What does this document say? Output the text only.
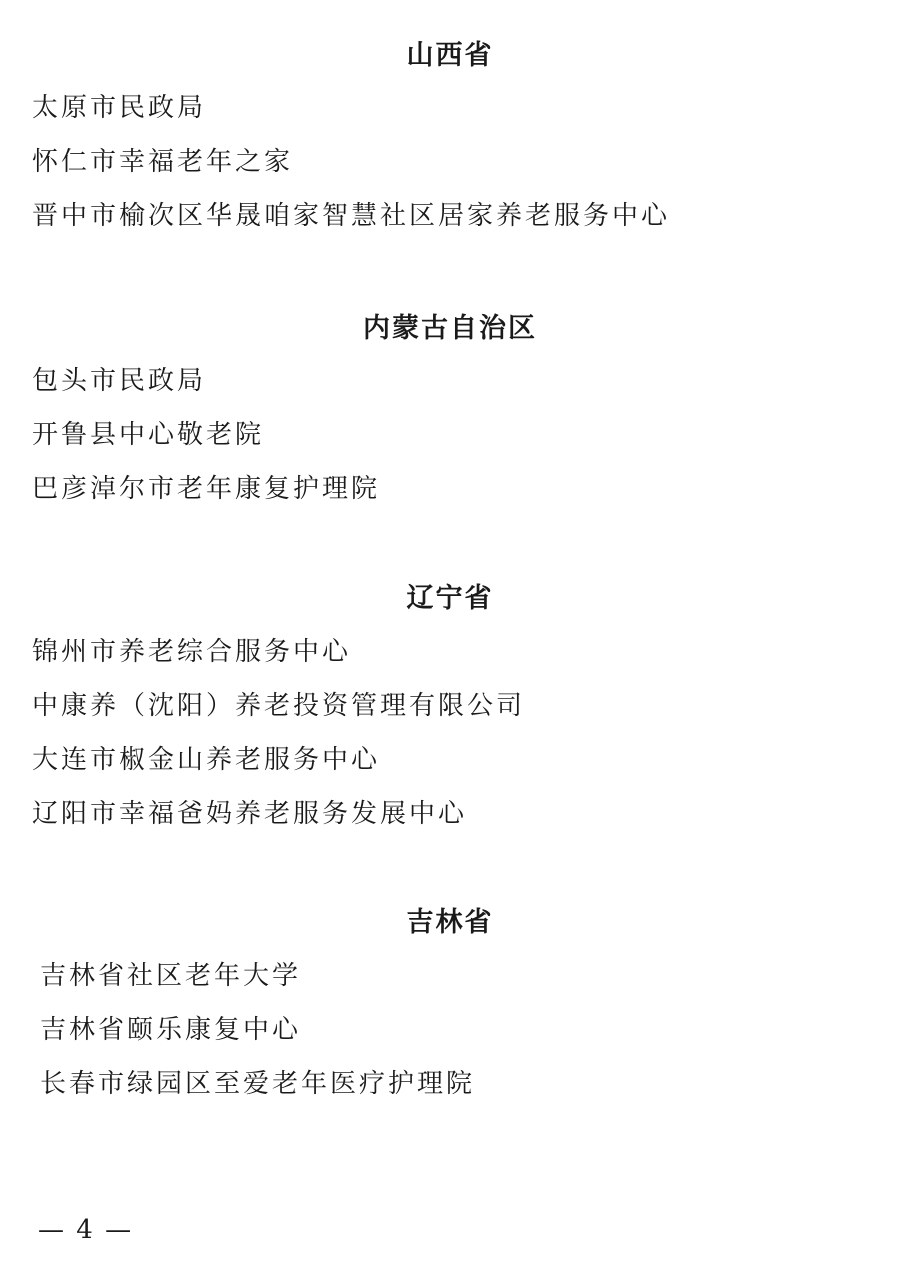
山西省

太原市民政局

怀仁市幸福老年之家

晋中市榆次区华晟咱家智慧社区居家养老服务中心

内蒙古自治区

包头市民政局

开鲁县中心敬老院

巴彦淖尔市老年康复护理院

辽宁省

锦州市养老综合服务中心

中康养（沈阳）养老投资管理有限公司

大连市椒金山养老服务中心

辽阳市幸福爸妈养老服务发展中心

吉林省

吉林省社区老年大学

吉林省颐乐康复中心

长春市绿园区至爱老年医疗护理院

— 4 —
